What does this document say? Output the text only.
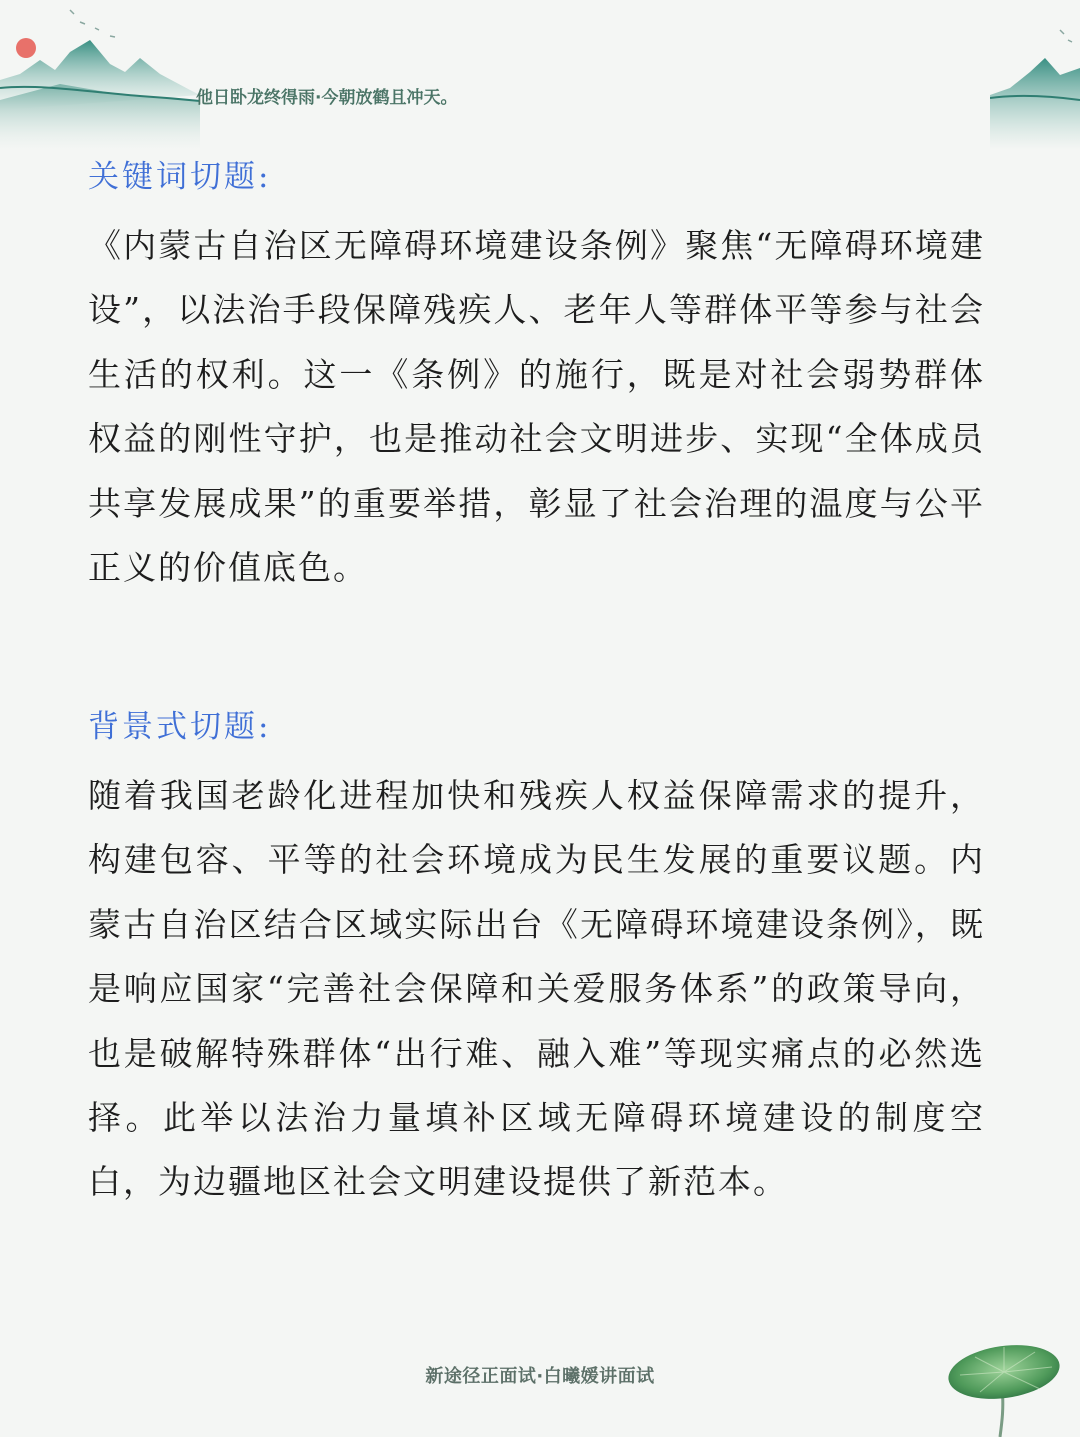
他日卧龙终得雨·今朝放鹤且冲天。
关键词切题:

《内蒙古自治区无障碍环境建设条例》聚焦“无障碍环境建设”，以法治手段保障残疾人、老年人等群体平等参与社会生活的权利。这一《条例》的施行，既是对社会弱势群体权益的刚性守护，也是推动社会文明进步、实现“全体成员共享发展成果”的重要举措，彰显了社会治理的温度与公平正义的价值底色。

背景式切题:

随着我国老龄化进程加快和残疾人权益保障需求的提升，构建包容、平等的社会环境成为民生发展的重要议题。内蒙古自治区结合区域实际出台《无障碍环境建设条例》，既是响应国家“完善社会保障和关爱服务体系”的政策导向，也是破解特殊群体“出行难、融入难”等现实痛点的必然选择。此举以法治力量填补区域无障碍环境建设的制度空白，为边疆地区社会文明建设提供了新范本。

新途径正面试·白曦媛讲面试
